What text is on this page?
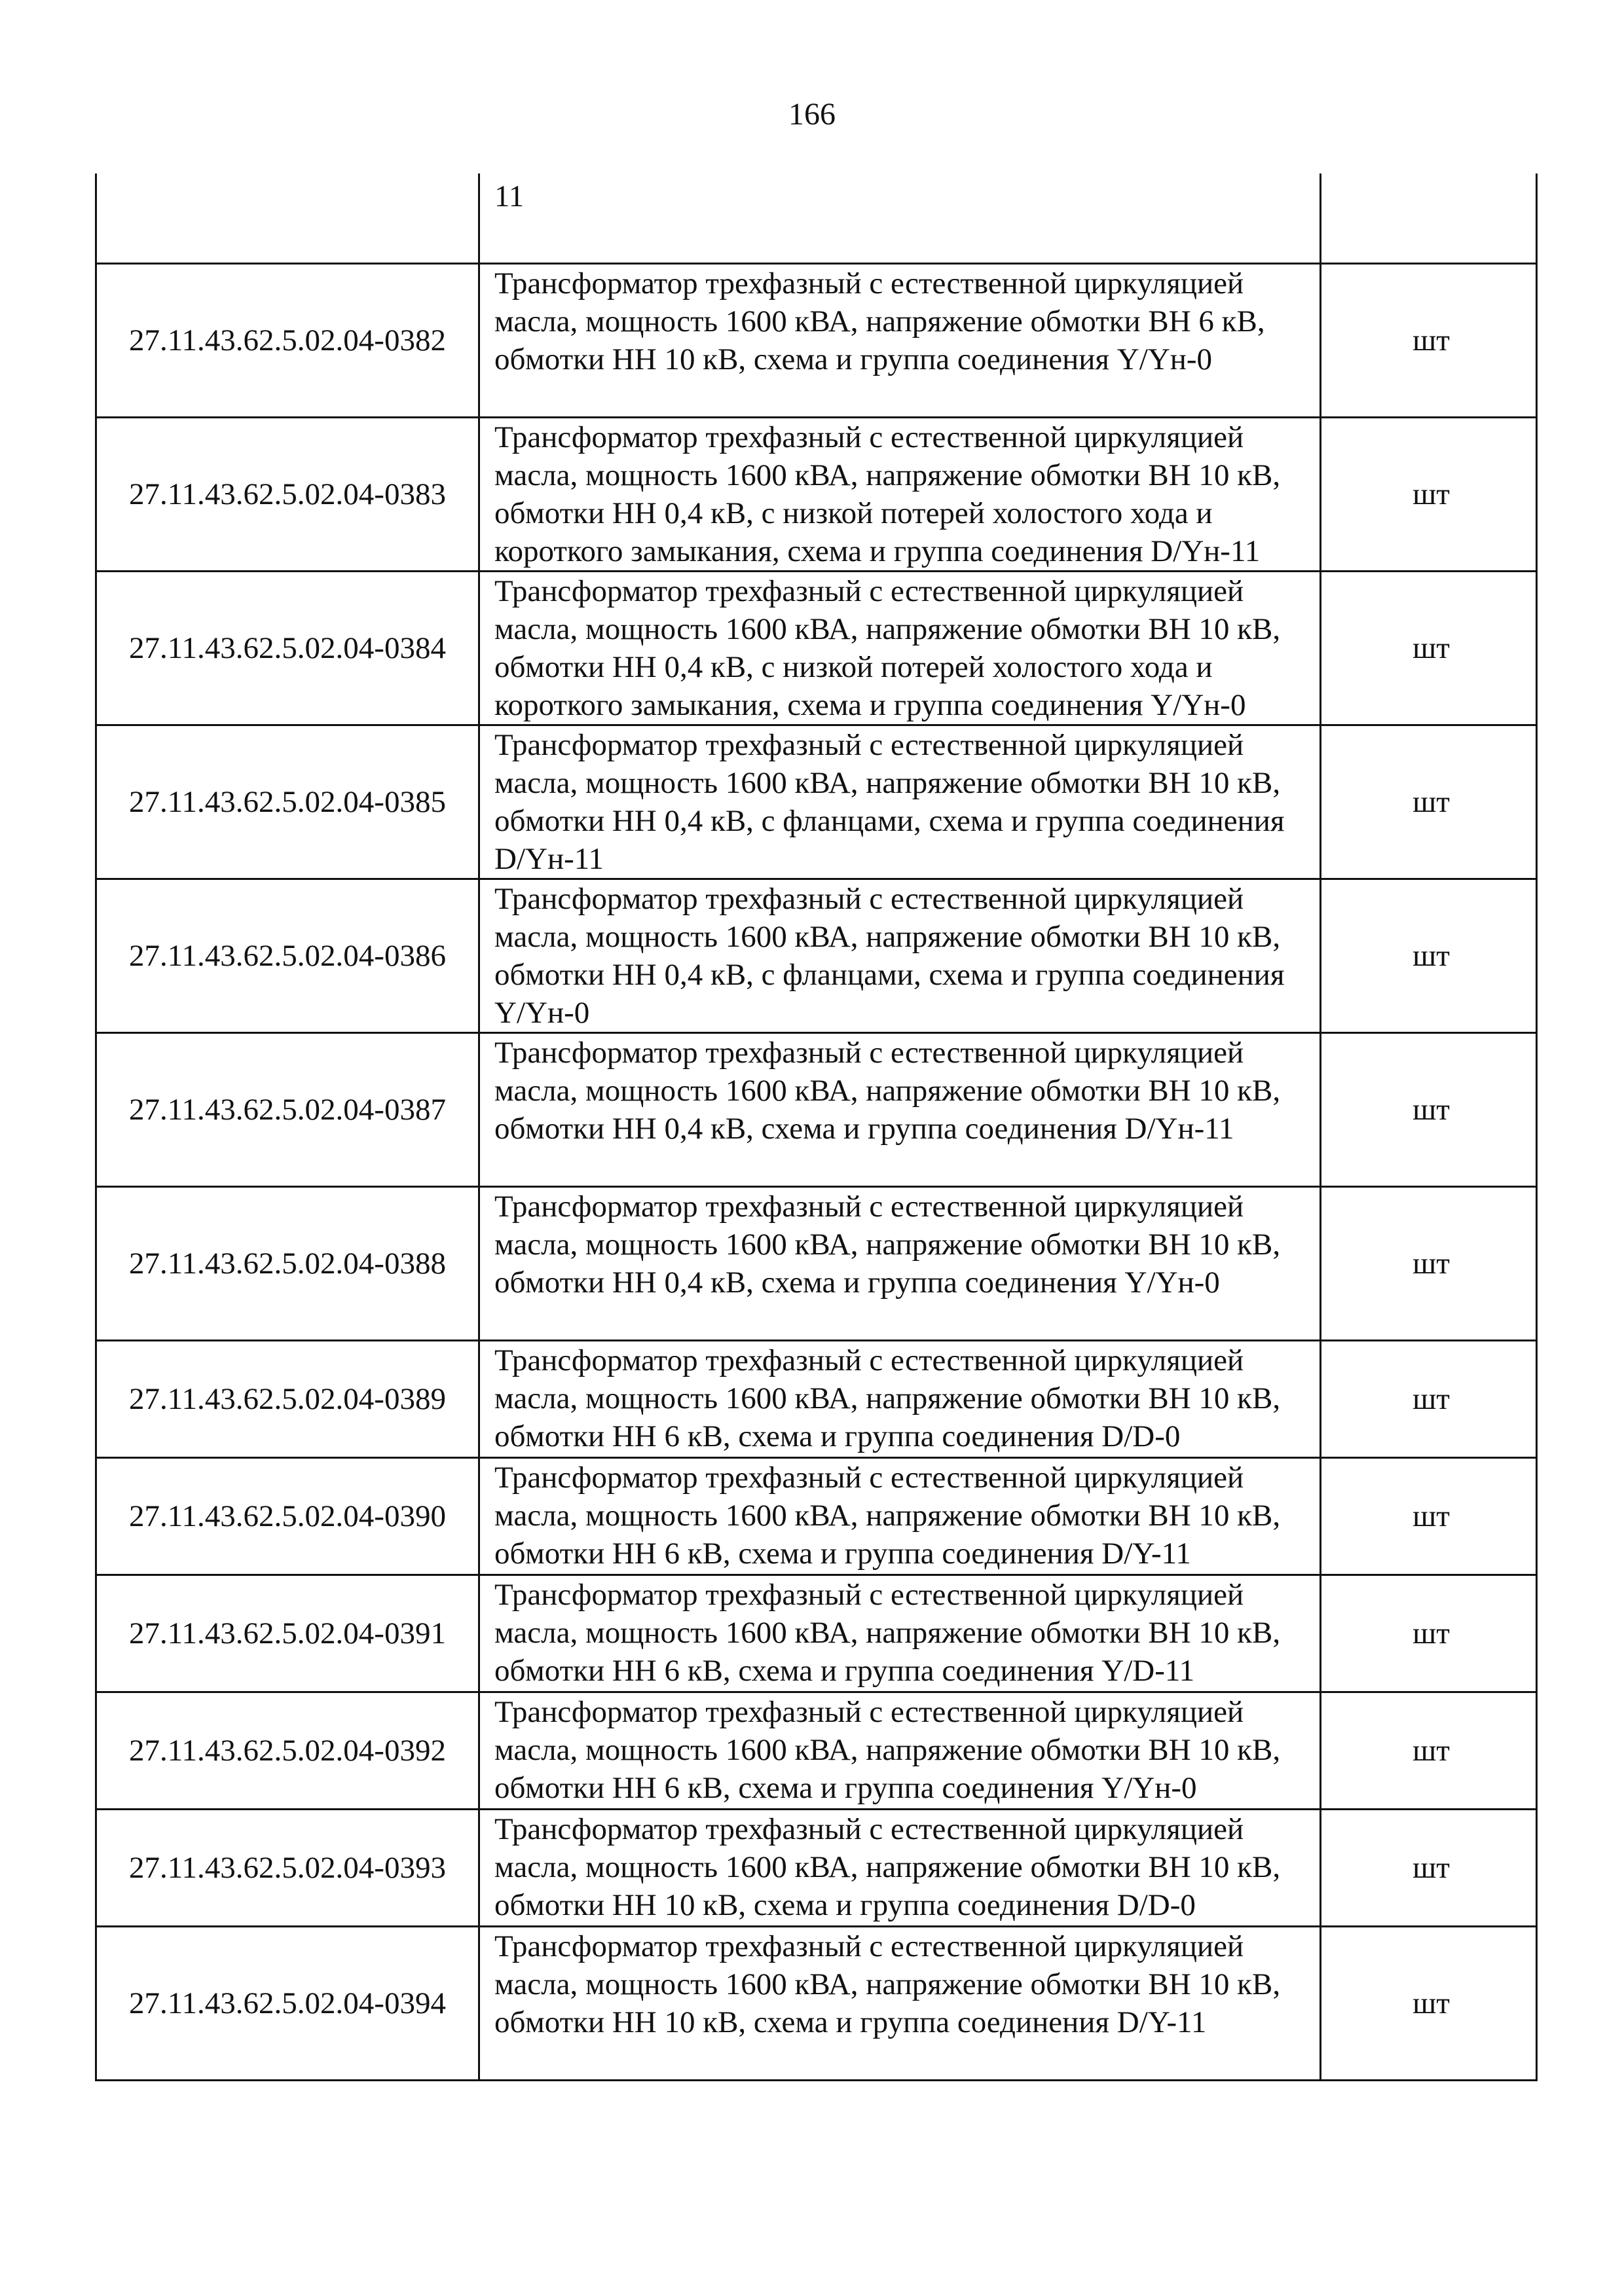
166
	11	
27.11.43.62.5.02.04-0382	Трансформатор трехфазный с естественной циркуляцией масла, мощность 1600 кВА, напряжение обмотки ВН 6 кВ, обмотки НН 10 кВ, схема и группа соединения Y/Yн-0	шт
27.11.43.62.5.02.04-0383	Трансформатор трехфазный с естественной циркуляцией масла, мощность 1600 кВА, напряжение обмотки ВН 10 кВ, обмотки НН 0,4 кВ, с низкой потерей холостого хода и короткого замыкания, схема и группа соединения D/Yн-11	шт
27.11.43.62.5.02.04-0384	Трансформатор трехфазный с естественной циркуляцией масла, мощность 1600 кВА, напряжение обмотки ВН 10 кВ, обмотки НН 0,4 кВ, с низкой потерей холостого хода и короткого замыкания, схема и группа соединения Y/Yн-0	шт
27.11.43.62.5.02.04-0385	Трансформатор трехфазный с естественной циркуляцией масла, мощность 1600 кВА, напряжение обмотки ВН 10 кВ, обмотки НН 0,4 кВ, с фланцами, схема и группа соединения D/Yн-11	шт
27.11.43.62.5.02.04-0386	Трансформатор трехфазный с естественной циркуляцией масла, мощность 1600 кВА, напряжение обмотки ВН 10 кВ, обмотки НН 0,4 кВ, с фланцами, схема и группа соединения Y/Yн-0	шт
27.11.43.62.5.02.04-0387	Трансформатор трехфазный с естественной циркуляцией масла, мощность 1600 кВА, напряжение обмотки ВН 10 кВ, обмотки НН 0,4 кВ, схема и группа соединения D/Yн-11	шт
27.11.43.62.5.02.04-0388	Трансформатор трехфазный с естественной циркуляцией масла, мощность 1600 кВА, напряжение обмотки ВН 10 кВ, обмотки НН 0,4 кВ, схема и группа соединения Y/Yн-0	шт
27.11.43.62.5.02.04-0389	Трансформатор трехфазный с естественной циркуляцией масла, мощность 1600 кВА, напряжение обмотки ВН 10 кВ, обмотки НН 6 кВ, схема и группа соединения D/D-0	шт
27.11.43.62.5.02.04-0390	Трансформатор трехфазный с естественной циркуляцией масла, мощность 1600 кВА, напряжение обмотки ВН 10 кВ, обмотки НН 6 кВ, схема и группа соединения D/Y-11	шт
27.11.43.62.5.02.04-0391	Трансформатор трехфазный с естественной циркуляцией масла, мощность 1600 кВА, напряжение обмотки ВН 10 кВ, обмотки НН 6 кВ, схема и группа соединения Y/D-11	шт
27.11.43.62.5.02.04-0392	Трансформатор трехфазный с естественной циркуляцией масла, мощность 1600 кВА, напряжение обмотки ВН 10 кВ, обмотки НН 6 кВ, схема и группа соединения Y/Yн-0	шт
27.11.43.62.5.02.04-0393	Трансформатор трехфазный с естественной циркуляцией масла, мощность 1600 кВА, напряжение обмотки ВН 10 кВ, обмотки НН 10 кВ, схема и группа соединения D/D-0	шт
27.11.43.62.5.02.04-0394	Трансформатор трехфазный с естественной циркуляцией масла, мощность 1600 кВА, напряжение обмотки ВН 10 кВ, обмотки НН 10 кВ, схема и группа соединения D/Y-11	шт
